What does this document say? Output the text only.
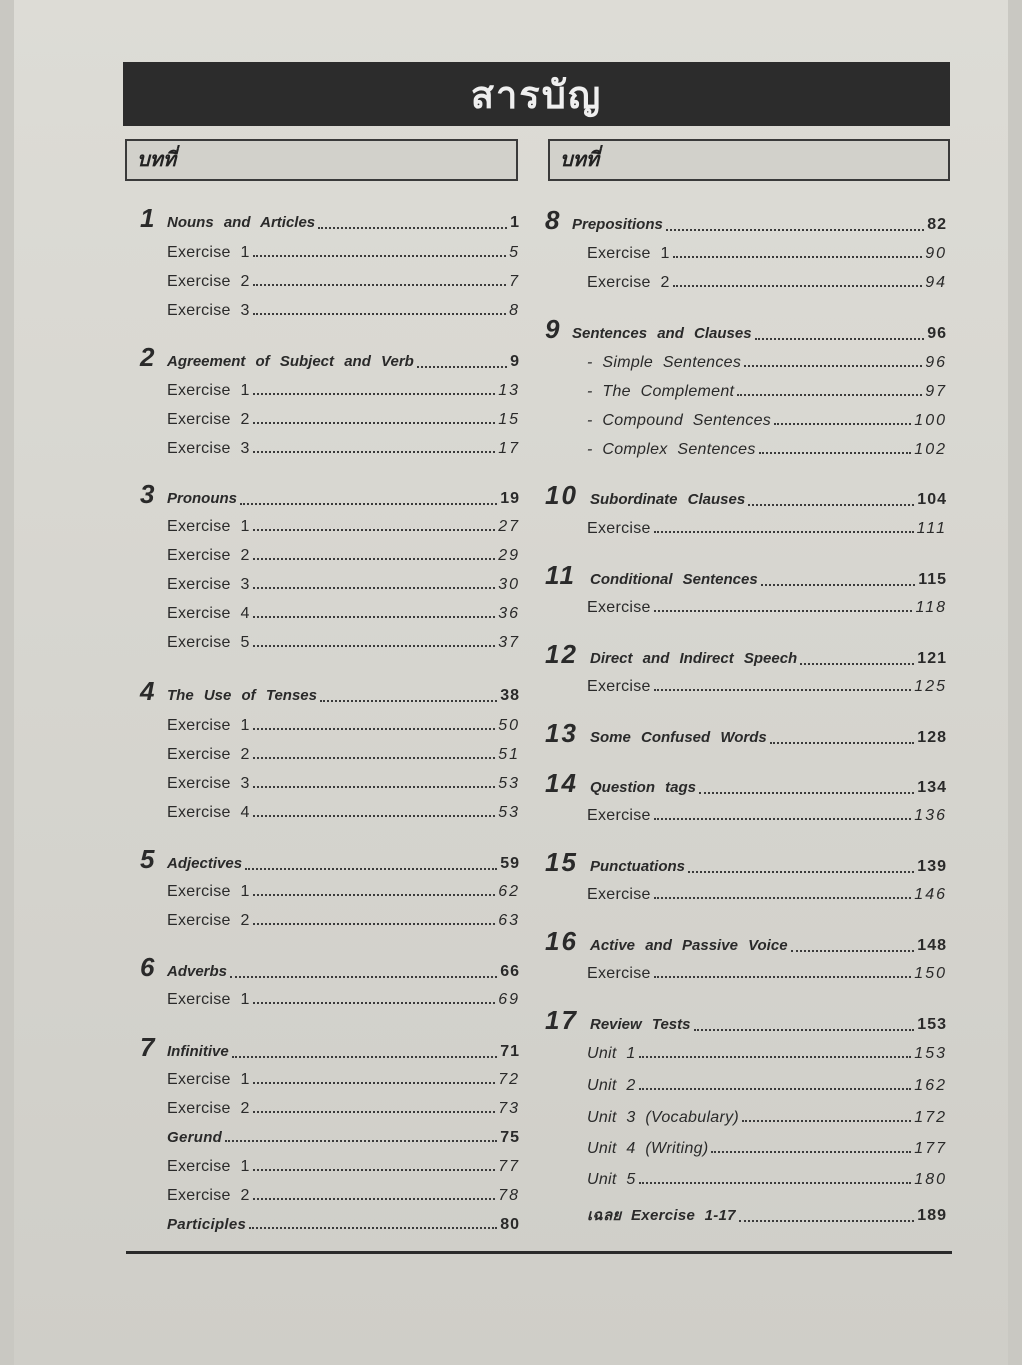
สารบัญ
บทที่	บทที่
1 Nouns and Articles	1
Exercise 1	5
Exercise 2	7
Exercise 3	8
2 Agreement of Subject and Verb	9
Exercise 1	13
Exercise 2	15
Exercise 3	17
3 Pronouns	19
Exercise 1	27
Exercise 2	29
Exercise 3	30
Exercise 4	36
Exercise 5	37
4 The Use of Tenses	38
Exercise 1	50
Exercise 2	51
Exercise 3	53
Exercise 4	53
5 Adjectives	59
Exercise 1	62
Exercise 2	63
6 Adverbs	66
Exercise 1	69
7 Infinitive	71
Exercise 1	72
Exercise 2	73
Gerund	75
Exercise 1	77
Exercise 2	78
Participles	80
8 Prepositions	82
Exercise 1	90
Exercise 2	94
9 Sentences and Clauses	96
- Simple Sentences	96
- The Complement	97
- Compound Sentences	100
- Complex Sentences	102
10 Subordinate Clauses	104
Exercise	111
11 Conditional Sentences	115
Exercise	118
12 Direct and Indirect Speech	121
Exercise	125
13 Some Confused Words	128
14 Question tags	134
Exercise	136
15 Punctuations	139
Exercise	146
16 Active and Passive Voice	148
Exercise	150
17 Review Tests	153
Unit 1	153
Unit 2	162
Unit 3 (Vocabulary)	172
Unit 4 (Writing)	177
Unit 5	180
เฉลย Exercise 1-17	189
